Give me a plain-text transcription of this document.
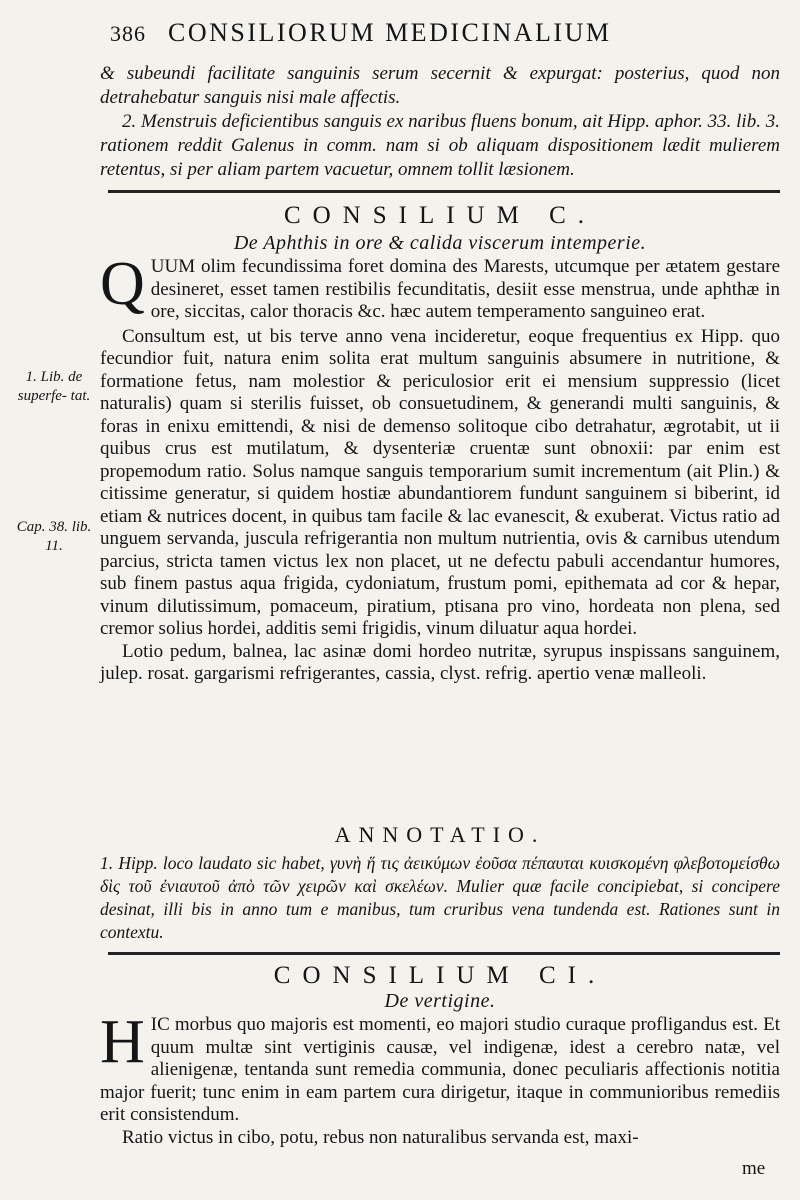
386 CONSILIORUM MEDICINALIUM

& subeundi facilitate sanguinis serum secernit & expurgat: posterius, quod non detrahebatur sanguis nisi male affectis.

2. Menstruis deficientibus sanguis ex naribus fluens bonum, ait Hipp. aphor. 33. lib. 3. rationem reddit Galenus in comm. nam si ob aliquam dispositionem lædit mulierem retentus, si per aliam partem vacuetur, omnem tollit læsionem.

CONSILIUM C.
De Aphthis in ore & calida viscerum intemperie.

Q UUM olim fecundissima foret domina des Marests, utcumque per ætatem gestare desineret, esset tamen restibilis fecunditatis, desiit esse menstrua, unde aphthæ in ore, siccitas, calor thoracis &c. hæc autem temperamento sanguineo erat.

Consultum est, ut bis terve anno vena incideretur, eoque frequentius ex Hipp. quo fecundior fuit, natura enim solita erat multum sanguinis absumere in nutritione, & formatione fetus, nam molestior & periculosior erit ei mensium suppressio (licet naturalis) quam si sterilis fuisset, ob consuetudinem, & generandi multi sanguinis, & foras in enixu emittendi, & nisi de demenso solitoque cibo detrahatur, ægrotabit, ut ii quibus crus est mutilatum, & dysenteriæ cruentæ sunt obnoxii: par enim est propemodum ratio. Solus namque sanguis temporarium sumit incrementum (ait Plin.) & citissime generatur, si quidem hostiæ abundantiorem fundunt sanguinem si biberint, id etiam & nutrices docent, in quibus tam facile & lac evanescit, & exuberat. Victus ratio ad unguem servanda, juscula refrigerantia non multum nutrientia, ovis & carnibus utendum parcius, stricta tamen victus lex non placet, ut ne defectu pabuli accendantur humores, sub finem pastus aqua frigida, cydoniatum, frustum pomi, epithemata ad cor & hepar, vinum dilutissimum, pomaceum, piratium, ptisana pro vino, hordeata non plena, sed cremor solius hordei, additis semi frigidis, vinum diluatur aqua hordei.

Lotio pedum, balnea, lac asinæ domi hordeo nutritæ, syrupus inspissans sanguinem, julep. rosat. gargarismi refrigerantes, cassia, clyst. refrig. apertio venæ malleoli.

1. Lib. de superfe- tat.
Cap. 38. lib. 11.
ANNOTATIO.
1. Hipp. loco laudato sic habet, γυνὴ ἥ τις ἀεικύμων ἐοῦσα πέπαυται κυισκομένη φλεβοτομείσθω δὶς τοῦ ἐνιαυτοῦ ἀπὸ τῶν χειρῶν καὶ σκελέων. Mulier quæ facile concipiebat, si concipere desinat, illi bis in anno tum e manibus, tum cruribus vena tundenda est. Rationes sunt in contextu.
CONSILIUM CI.
De vertigine.

H IC morbus quo majoris est momenti, eo majori studio curaque profligandus est. Et quum multæ sint vertiginis causæ, vel indigenæ, idest a cerebro natæ, vel alienigenæ, tentanda sunt remedia communia, donec peculiaris affectionis notitia major fuerit; tunc enim in eam partem cura dirigetur, itaque in communioribus remediis erit consistendum.

Ratio victus in cibo, potu, rebus non naturalibus servanda est, maxi-

me
